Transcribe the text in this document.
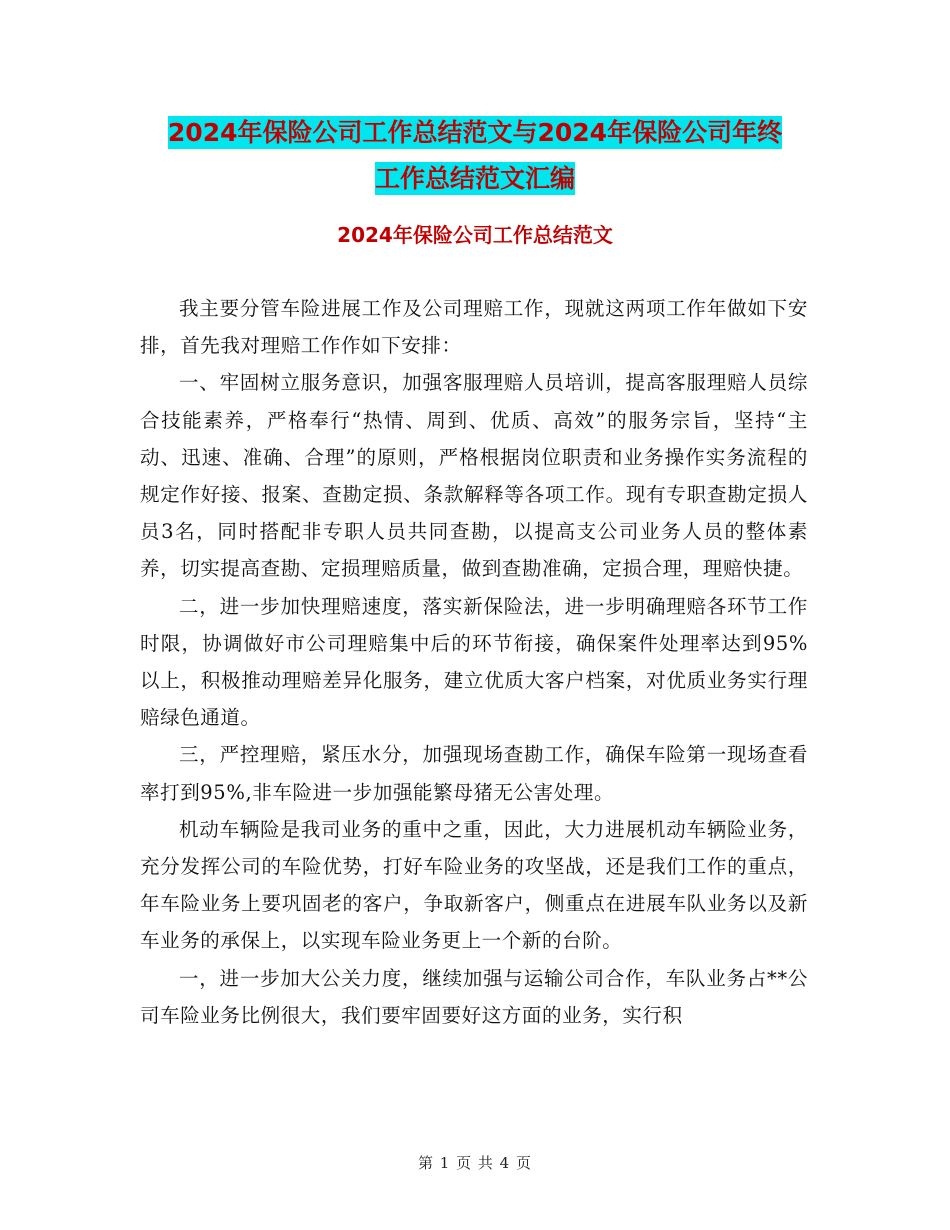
2024年保险公司工作总结范文与2024年保险公司年终
工作总结范文汇编
2024年保险公司工作总结范文

我主要分管车险进展工作及公司理赔工作，现就这两项工作年做如下安排，首先我对理赔工作作如下安排：

一、牢固树立服务意识，加强客服理赔人员培训，提高客服理赔人员综合技能素养，严格奉行“热情、周到、优质、高效”的服务宗旨，坚持“主动、迅速、准确、合理”的原则，严格根据岗位职责和业务操作实务流程的规定作好接、报案、查勘定损、条款解释等各项工作。现有专职查勘定损人员3名，同时搭配非专职人员共同查勘，以提高支公司业务人员的整体素养，切实提高查勘、定损理赔质量，做到查勘准确，定损合理，理赔快捷。

二，进一步加快理赔速度，落实新保险法，进一步明确理赔各环节工作时限，协调做好市公司理赔集中后的环节衔接，确保案件处理率达到95%以上，积极推动理赔差异化服务，建立优质大客户档案，对优质业务实行理赔绿色通道。

三，严控理赔，紧压水分，加强现场查勘工作，确保车险第一现场查看率打到95%,非车险进一步加强能繁母猪无公害处理。

机动车辆险是我司业务的重中之重，因此，大力进展机动车辆险业务，充分发挥公司的车险优势，打好车险业务的攻坚战，还是我们工作的重点，年车险业务上要巩固老的客户，争取新客户，侧重点在进展车队业务以及新车业务的承保上，以实现车险业务更上一个新的台阶。

一，进一步加大公关力度，继续加强与运输公司合作，车队业务占**公司车险业务比例很大，我们要牢固要好这方面的业务，实行积

第 1 页 共 4 页
